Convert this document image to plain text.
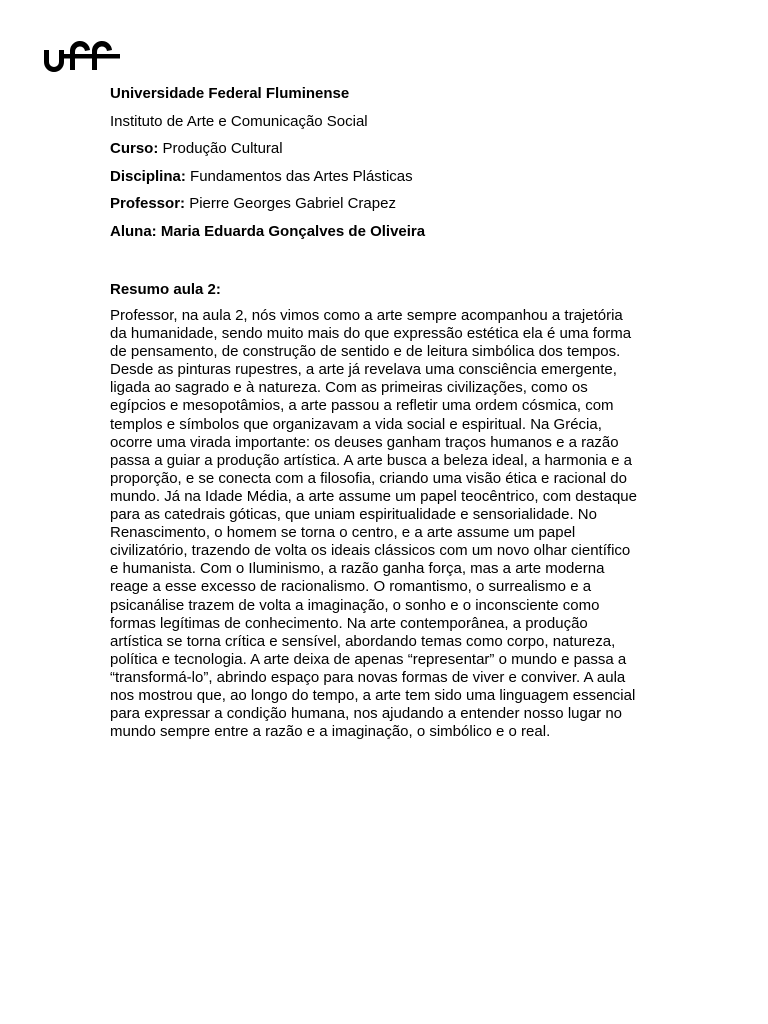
Universidade Federal Fluminense
Instituto de Arte e Comunicação Social
Curso: Produção Cultural
Disciplina: Fundamentos das Artes Plásticas
Professor: Pierre Georges Gabriel Crapez
Aluna: Maria Eduarda Gonçalves de Oliveira
Resumo aula 2:
Professor, na aula 2, nós vimos como a arte sempre acompanhou a trajetória
da humanidade, sendo muito mais do que expressão estética ela é uma forma
de pensamento, de construção de sentido e de leitura simbólica dos tempos.
Desde as pinturas rupestres, a arte já revelava uma consciência emergente,
ligada ao sagrado e à natureza. Com as primeiras civilizações, como os
egípcios e mesopotâmios, a arte passou a refletir uma ordem cósmica, com
templos e símbolos que organizavam a vida social e espiritual. Na Grécia,
ocorre uma virada importante: os deuses ganham traços humanos e a razão
passa a guiar a produção artística. A arte busca a beleza ideal, a harmonia e a
proporção, e se conecta com a filosofia, criando uma visão ética e racional do
mundo. Já na Idade Média, a arte assume um papel teocêntrico, com destaque
para as catedrais góticas, que uniam espiritualidade e sensorialidade. No
Renascimento, o homem se torna o centro, e a arte assume um papel
civilizatório, trazendo de volta os ideais clássicos com um novo olhar científico
e humanista. Com o Iluminismo, a razão ganha força, mas a arte moderna
reage a esse excesso de racionalismo. O romantismo, o surrealismo e a
psicanálise trazem de volta a imaginação, o sonho e o inconsciente como
formas legítimas de conhecimento. Na arte contemporânea, a produção
artística se torna crítica e sensível, abordando temas como corpo, natureza,
política e tecnologia. A arte deixa de apenas “representar” o mundo e passa a
“transformá-lo”, abrindo espaço para novas formas de viver e conviver. A aula
nos mostrou que, ao longo do tempo, a arte tem sido uma linguagem essencial
para expressar a condição humana, nos ajudando a entender nosso lugar no
mundo sempre entre a razão e a imaginação, o simbólico e o real.
